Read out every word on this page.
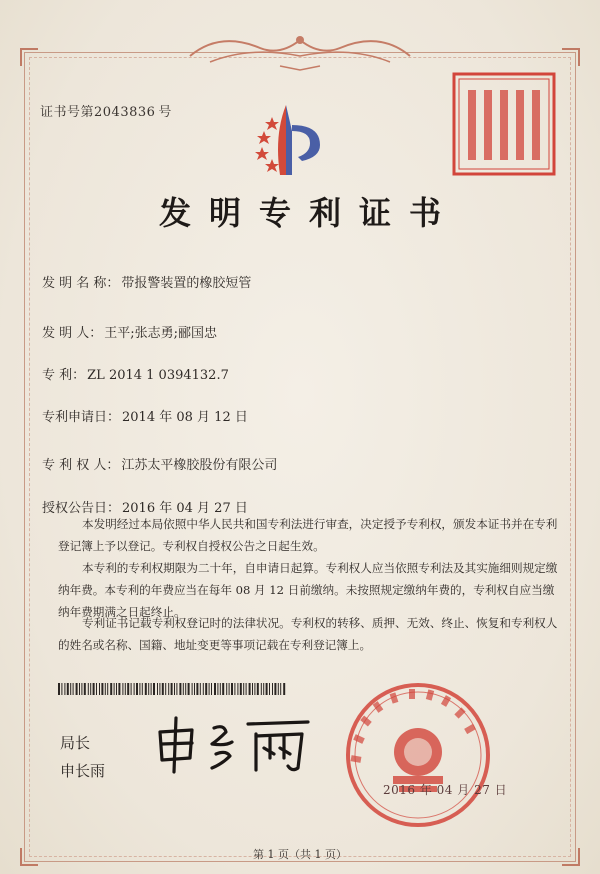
证书号第2043836 号
发明专利证书
发 明 名 称： 带报警装置的橡胶短管
发 明 人： 王平;张志勇;郦国忠
专 利： ZL 2014 1 0394132.7
专利申请日： 2014 年 08 月 12 日
专 利 权 人： 江苏太平橡胶股份有限公司
授权公告日： 2016 年 04 月 27 日
本发明经过本局依照中华人民共和国专利法进行审查，决定授予专利权，颁发本证书并在专利登记簿上予以登记。专利权自授权公告之日起生效。
本专利的专利权期限为二十年，自申请日起算。专利权人应当依照专利法及其实施细则规定缴纳年费。本专利的年费应当在每年 08 月 12 日前缴纳。未按照规定缴纳年费的，专利权自应当缴纳年费期满之日起终止。
专利证书记载专利权登记时的法律状况。专利权的转移、质押、无效、终止、恢复和专利权人的姓名或名称、国籍、地址变更等事项记载在专利登记簿上。
局长
申长雨
2016 年 04 月 27 日
第 1 页（共 1 页）
